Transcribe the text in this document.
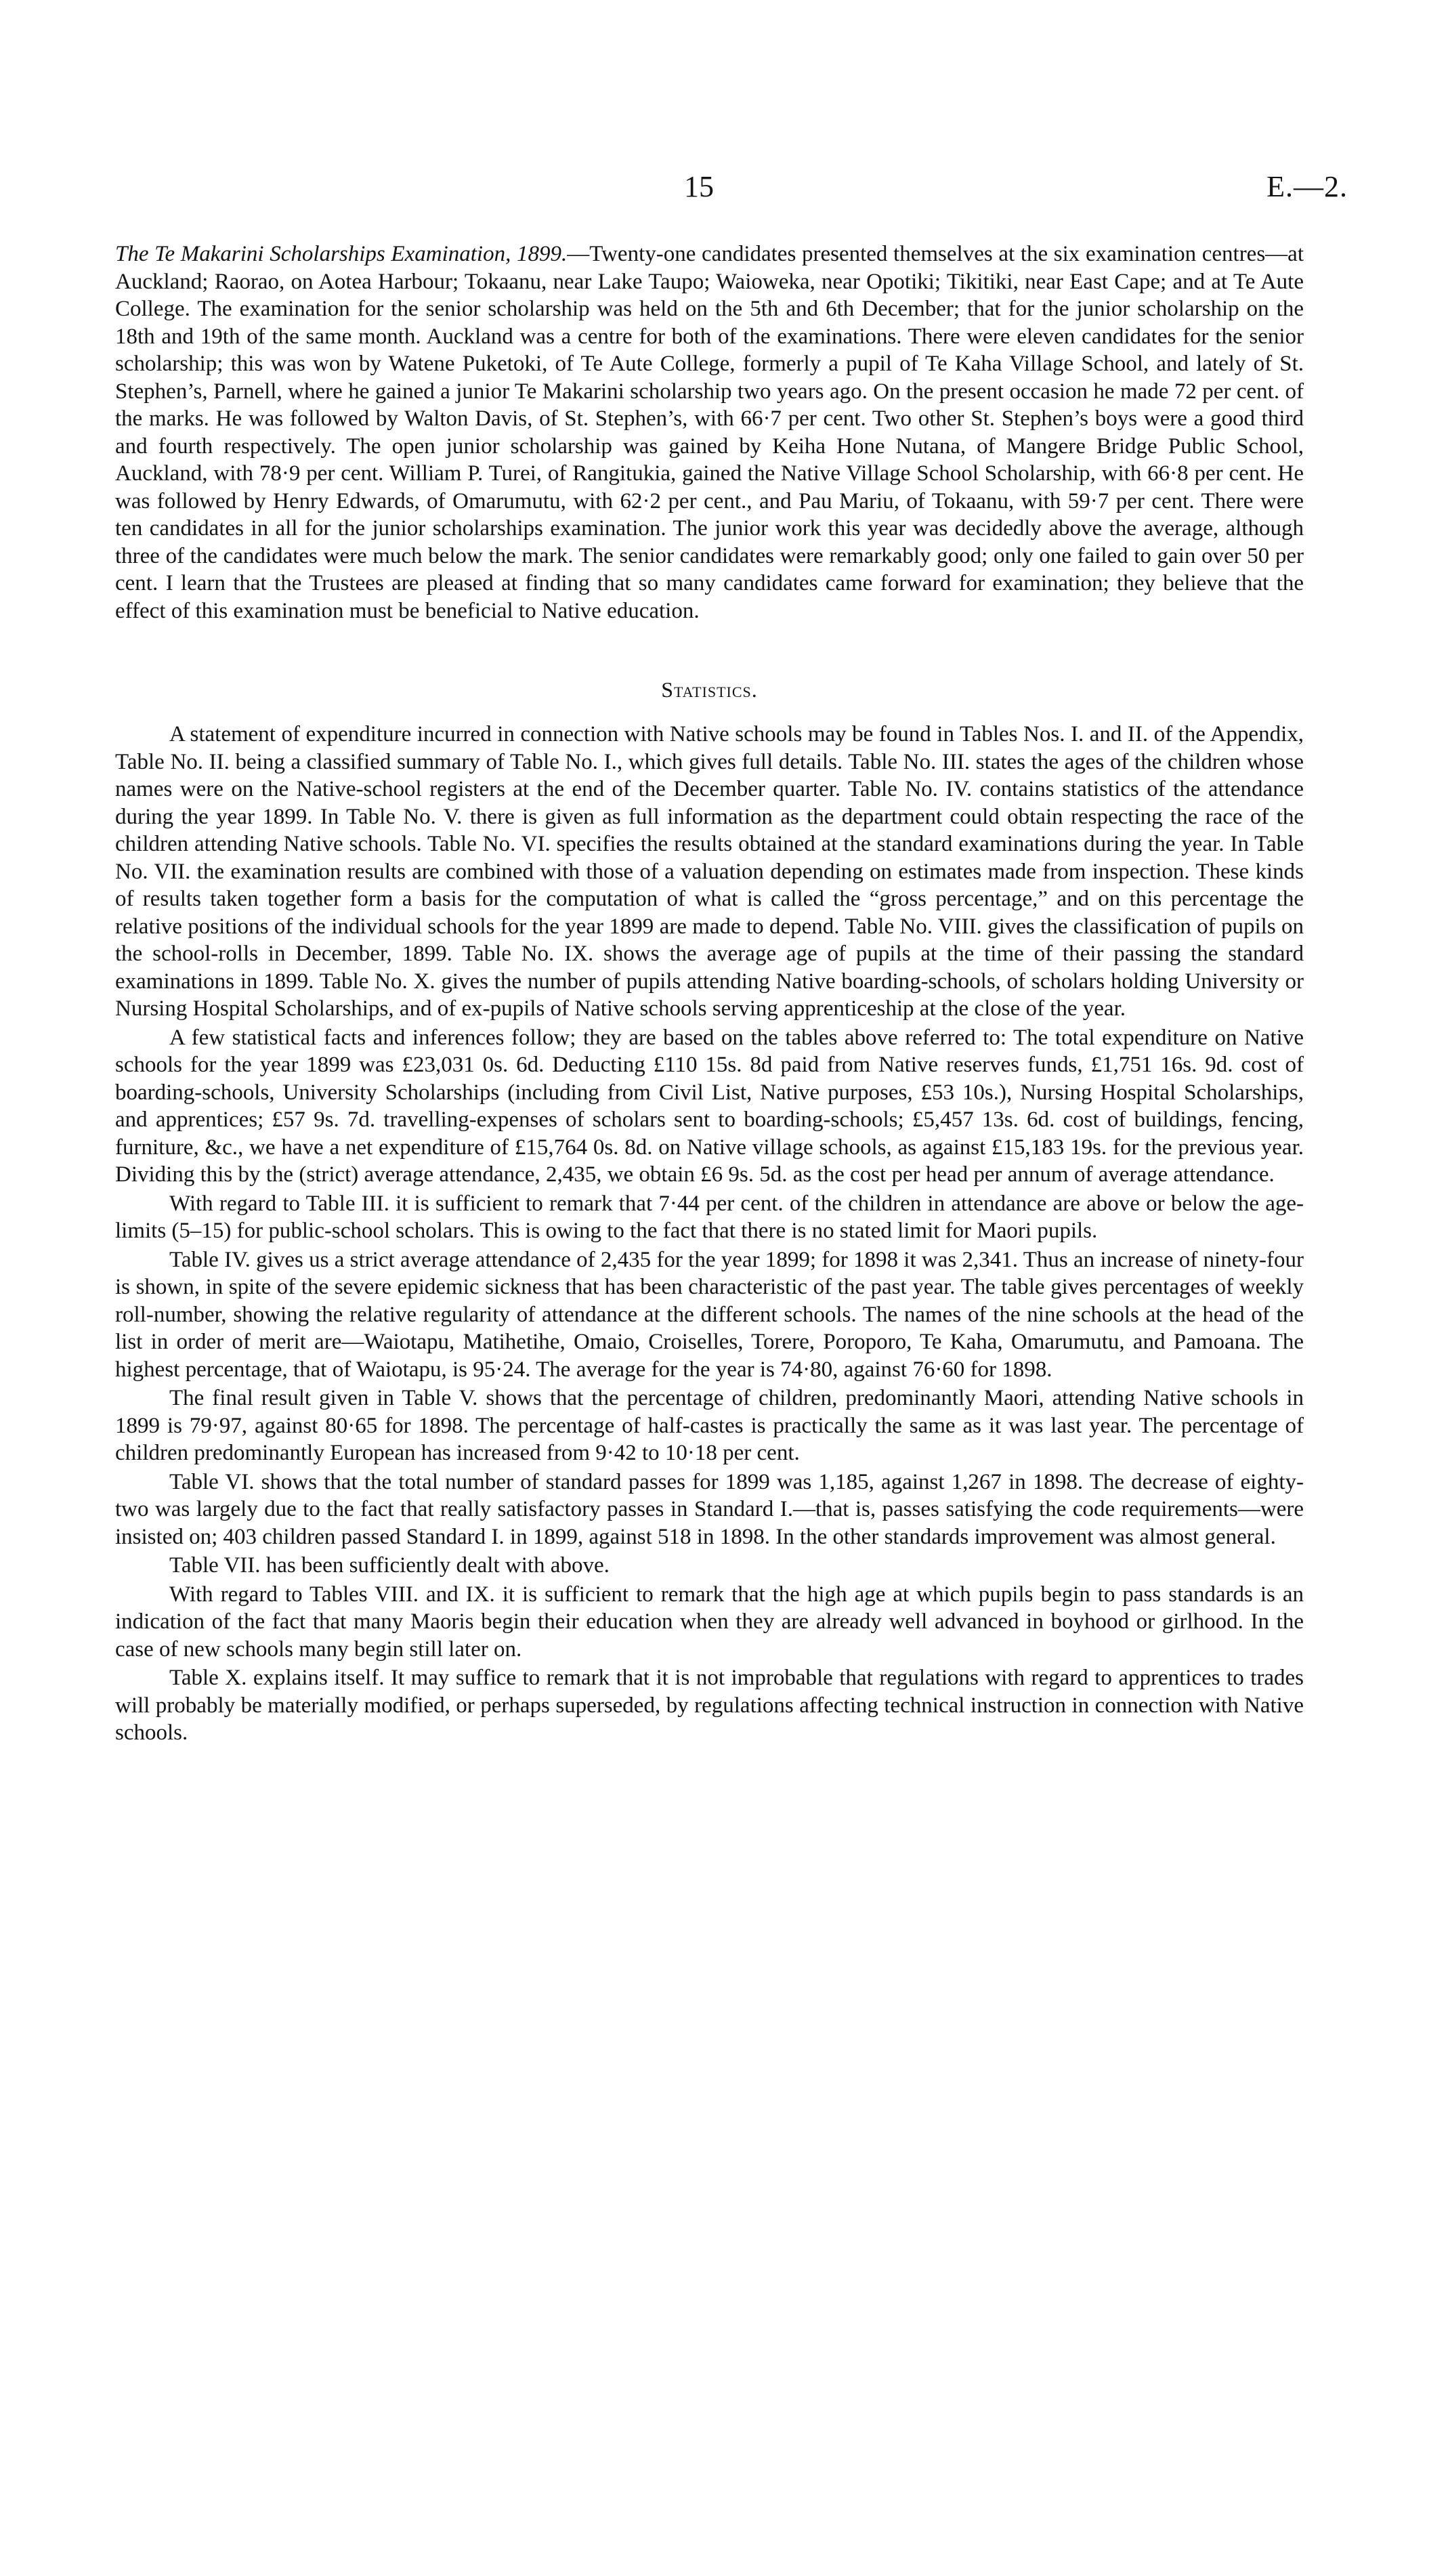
15	E.—2.

The Te Makarini Scholarships Examination, 1899.—Twenty-one candidates presented themselves at the six examination centres—at Auckland; Raorao, on Aotea Harbour; Tokaanu, near Lake Taupo; Waioweka, near Opotiki; Tikitiki, near East Cape; and at Te Aute College. The examination for the senior scholarship was held on the 5th and 6th December; that for the junior scholarship on the 18th and 19th of the same month. Auckland was a centre for both of the examinations. There were eleven candidates for the senior scholarship; this was won by Watene Puketoki, of Te Aute College, formerly a pupil of Te Kaha Village School, and lately of St. Stephen’s, Parnell, where he gained a junior Te Makarini scholarship two years ago. On the present occasion he made 72 per cent. of the marks. He was followed by Walton Davis, of St. Stephen’s, with 66·7 per cent. Two other St. Stephen’s boys were a good third and fourth respectively. The open junior scholarship was gained by Keiha Hone Nutana, of Mangere Bridge Public School, Auckland, with 78·9 per cent. William P. Turei, of Rangitukia, gained the Native Village School Scholarship, with 66·8 per cent. He was followed by Henry Edwards, of Omarumutu, with 62·2 per cent., and Pau Mariu, of Tokaanu, with 59·7 per cent. There were ten candidates in all for the junior scholarships examination. The junior work this year was decidedly above the average, although three of the candidates were much below the mark. The senior candidates were remarkably good; only one failed to gain over 50 per cent. I learn that the Trustees are pleased at finding that so many candidates came forward for examination; they believe that the effect of this examination must be beneficial to Native education.

Statistics.

A statement of expenditure incurred in connection with Native schools may be found in Tables Nos. I. and II. of the Appendix, Table No. II. being a classified summary of Table No. I., which gives full details. Table No. III. states the ages of the children whose names were on the Native-school registers at the end of the December quarter. Table No. IV. contains statistics of the attendance during the year 1899. In Table No. V. there is given as full information as the department could obtain respecting the race of the children attending Native schools. Table No. VI. specifies the results obtained at the standard examinations during the year. In Table No. VII. the examination results are combined with those of a valuation depending on estimates made from inspection. These kinds of results taken together form a basis for the computation of what is called the “gross percentage,” and on this percentage the relative positions of the individual schools for the year 1899 are made to depend. Table No. VIII. gives the classification of pupils on the school-rolls in December, 1899. Table No. IX. shows the average age of pupils at the time of their passing the standard examinations in 1899. Table No. X. gives the number of pupils attending Native boarding-schools, of scholars holding University or Nursing Hospital Scholarships, and of ex-pupils of Native schools serving apprenticeship at the close of the year.

A few statistical facts and inferences follow; they are based on the tables above referred to: The total expenditure on Native schools for the year 1899 was £23,031 0s. 6d. Deducting £110 15s. 8d paid from Native reserves funds, £1,751 16s. 9d. cost of boarding-schools, University Scholarships (including from Civil List, Native purposes, £53 10s.), Nursing Hospital Scholarships, and apprentices; £57 9s. 7d. travelling-expenses of scholars sent to boarding-schools; £5,457 13s. 6d. cost of buildings, fencing, furniture, &c., we have a net expenditure of £15,764 0s. 8d. on Native village schools, as against £15,183 19s. for the previous year. Dividing this by the (strict) average attendance, 2,435, we obtain £6 9s. 5d. as the cost per head per annum of average attendance.

With regard to Table III. it is sufficient to remark that 7·44 per cent. of the children in attendance are above or below the age-limits (5–15) for public-school scholars. This is owing to the fact that there is no stated limit for Maori pupils.

Table IV. gives us a strict average attendance of 2,435 for the year 1899; for 1898 it was 2,341. Thus an increase of ninety-four is shown, in spite of the severe epidemic sickness that has been characteristic of the past year. The table gives percentages of weekly roll-number, showing the relative regularity of attendance at the different schools. The names of the nine schools at the head of the list in order of merit are—Waiotapu, Matihetihe, Omaio, Croiselles, Torere, Poroporo, Te Kaha, Omarumutu, and Pamoana. The highest percentage, that of Waiotapu, is 95·24. The average for the year is 74·80, against 76·60 for 1898.

The final result given in Table V. shows that the percentage of children, predominantly Maori, attending Native schools in 1899 is 79·97, against 80·65 for 1898. The percentage of half-castes is practically the same as it was last year. The percentage of children predominantly European has increased from 9·42 to 10·18 per cent.

Table VI. shows that the total number of standard passes for 1899 was 1,185, against 1,267 in 1898. The decrease of eighty-two was largely due to the fact that really satisfactory passes in Standard I.—that is, passes satisfying the code requirements—were insisted on; 403 children passed Standard I. in 1899, against 518 in 1898. In the other standards improvement was almost general.

Table VII. has been sufficiently dealt with above.

With regard to Tables VIII. and IX. it is sufficient to remark that the high age at which pupils begin to pass standards is an indication of the fact that many Maoris begin their education when they are already well advanced in boyhood or girlhood. In the case of new schools many begin still later on.

Table X. explains itself. It may suffice to remark that it is not improbable that regulations with regard to apprentices to trades will probably be materially modified, or perhaps superseded, by regulations affecting technical instruction in connection with Native schools.
